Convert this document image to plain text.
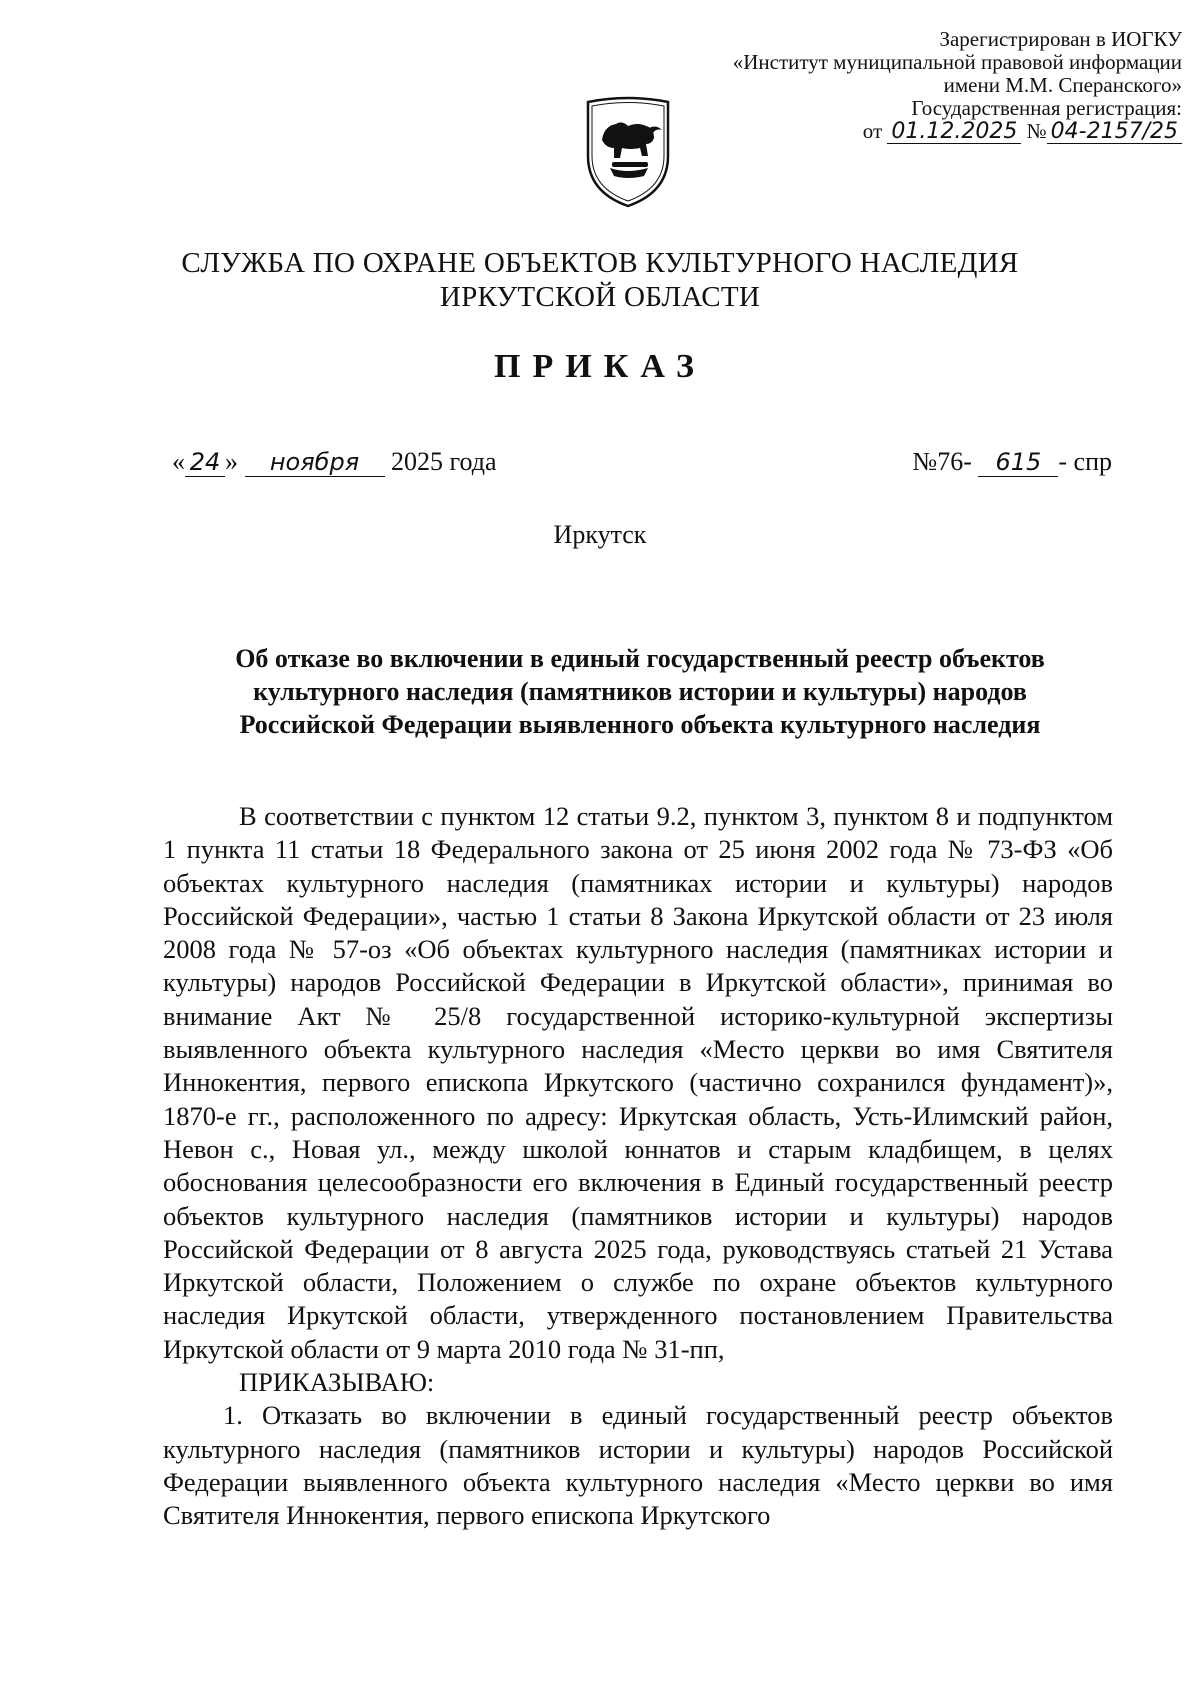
Зарегистрирован в ИОГКУ
«Институт муниципальной правовой информации
имени М.М. Сперанского»
Государственная регистрация:
от 01.12.2025 № 04-2157/25
СЛУЖБА ПО ОХРАНЕ ОБЪЕКТОВ КУЛЬТУРНОГО НАСЛЕДИЯ
ИРКУТСКОЙ ОБЛАСТИ
ПРИКАЗ
« 24 » ноября 2025 года	№76- 615 - спр
Иркутск
Об отказе во включении в единый государственный реестр объектов
культурного наследия (памятников истории и культуры) народов
Российской Федерации выявленного объекта культурного наследия

В соответствии с пунктом 12 статьи 9.2, пунктом 3, пунктом 8 и подпунктом 1 пункта 11 статьи 18 Федерального закона от 25 июня 2002 года № 73-ФЗ «Об объектах культурного наследия (памятниках истории и культуры) народов Российской Федерации», частью 1 статьи 8 Закона Иркутской области от 23 июля 2008 года № 57-оз «Об объектах культурного наследия (памятниках истории и культуры) народов Российской Федерации в Иркутской области», принимая во внимание Акт № 25/8 государственной историко-культурной экспертизы выявленного объекта культурного наследия «Место церкви во имя Святителя Иннокентия, первого епископа Иркутского (частично сохранился фундамент)», 1870-е гг., расположенного по адресу: Иркутская область, Усть-Илимский район, Невон с., Новая ул., между школой юннатов и старым кладбищем, в целях обоснования целесообразности его включения в Единый государственный реестр объектов культурного наследия (памятников истории и культуры) народов Российской Федерации от 8 августа 2025 года, руководствуясь статьей 21 Устава Иркутской области, Положением о службе по охране объектов культурного наследия Иркутской области, утвержденного постановлением Правительства Иркутской области от 9 марта 2010 года № 31-пп,

ПРИКАЗЫВАЮ:

1. Отказать во включении в единый государственный реестр объектов культурного наследия (памятников истории и культуры) народов Российской Федерации выявленного объекта культурного наследия «Место церкви во имя Святителя Иннокентия, первого епископа Иркутского
